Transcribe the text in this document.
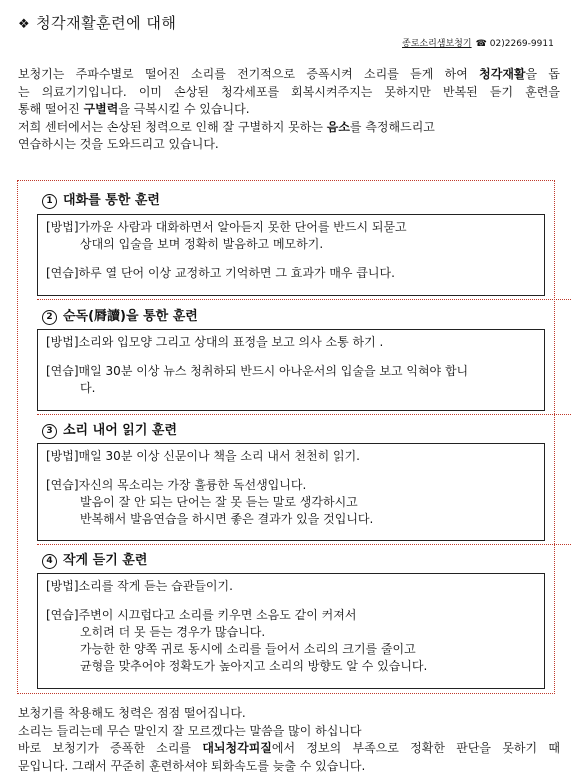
❖ 청각재활훈련에 대해
종로소리샘보청기 ☎ 02)2269-9911

보청기는 주파수별로 떨어진 소리를 전기적으로 증폭시켜 소리를 듣게 하여 청각재활을 돕

는 의료기기입니다. 이미 손상된 청각세포를 회복시켜주지는 못하지만 반복된 듣기 훈련을

통해 떨어진 구별력을 극복시킬 수 있습니다.

저희 센터에서는 손상된 청력으로 인해 잘 구별하지 못하는 음소를 측정해드리고

연습하시는 것을 도와드리고 있습니다.

1 대화를 통한 훈련

[방법]가까운 사람과 대화하면서 알아듣지 못한 단어를 반드시 되묻고

상대의 입술을 보며 정확히 발음하고 메모하기.

[연습]하루 열 단어 이상 교정하고 기억하면 그 효과가 매우 큽니다.

2 순독(脣讀)을 통한 훈련

[방법]소리와 입모양 그리고 상대의 표정을 보고 의사 소통 하기 .

[연습]매일 30분 이상 뉴스 청취하되 반드시 아나운서의 입술을 보고 익혀야 합니

다.

3 소리 내어 읽기 훈련

[방법]매일 30분 이상 신문이나 책을 소리 내서 천천히 읽기.

[연습]자신의 목소리는 가장 훌륭한 독선생입니다.

발음이 잘 안 되는 단어는 잘 못 듣는 말로 생각하시고

반복해서 발음연습을 하시면 좋은 결과가 있을 것입니다.

4 작게 듣기 훈련

[방법]소리를 작게 듣는 습관들이기.

[연습]주변이 시끄럽다고 소리를 키우면 소음도 같이 커져서

오히려 더 못 듣는 경우가 많습니다.

가능한 한 양쪽 귀로 동시에 소리를 들어서 소리의 크기를 줄이고

균형을 맞추어야 정확도가 높아지고 소리의 방향도 알 수 있습니다.

보청기를 착용해도 청력은 점점 떨어집니다.

소리는 들리는데 무슨 말인지 잘 모르겠다는 말씀을 많이 하십니다

바로 보청기가 증폭한 소리를 대뇌청각피질에서 정보의 부족으로 정확한 판단을 못하기 때

문입니다. 그래서 꾸준히 훈련하셔야 퇴화속도를 늦출 수 있습니다.
